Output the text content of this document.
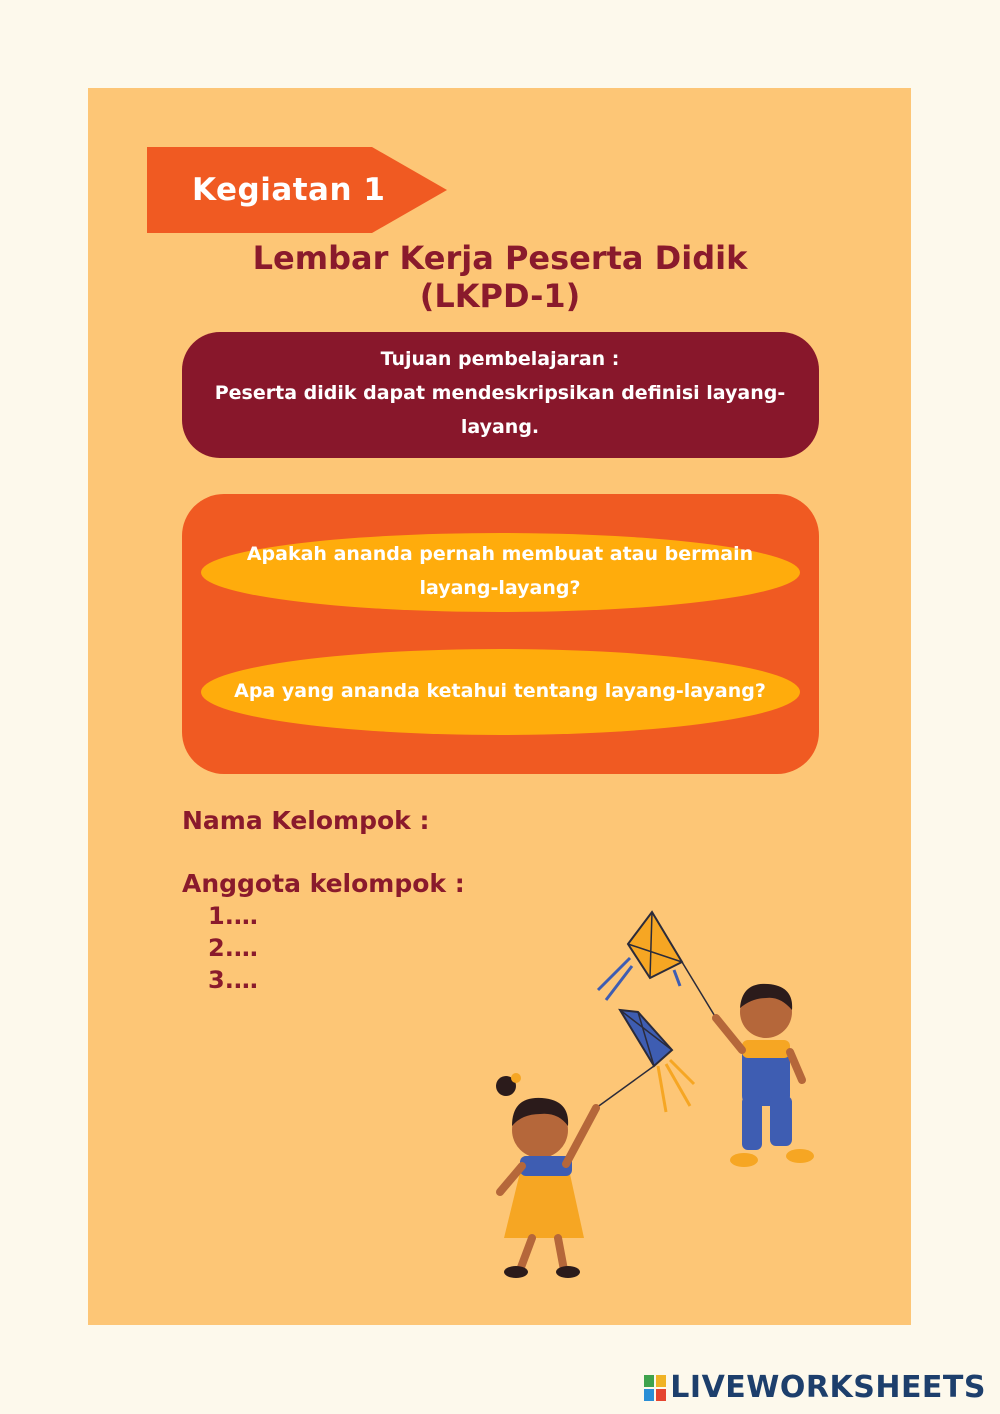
Kegiatan 1
Lembar Kerja Peserta Didik
(LKPD-1)
Tujuan pembelajaran :
Peserta didik dapat mendeskripsikan definisi layang-
layang.
Apakah ananda pernah membuat atau bermain
layang-layang?
Apa yang ananda ketahui tentang layang-layang?
Nama Kelompok :
Anggota kelompok :
1.…
2.…
3.…
LIVEWORKSHEETS
